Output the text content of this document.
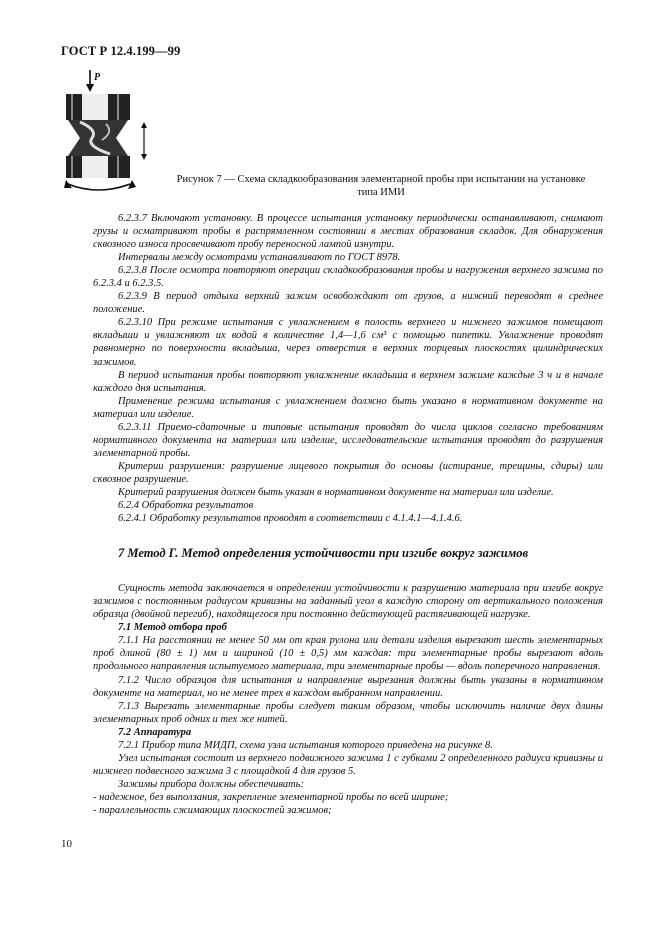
ГОСТ Р 12.4.199—99
P
Рисунок 7 — Схема складкообразования элементарной пробы при испытании на установке типа ИМИ

6.2.3.7 Включают установку. В процессе испытания установку периодически останавливают, снимают грузы и осматривают пробы в распрямленном состоянии в местах образования складок. Для обнаружения сквозного износа просвечивают пробу переносной лампой изнутри.

Интервалы между осмотрами устанавливают по ГОСТ 8978.

6.2.3.8 После осмотра повторяют операции складкообразования пробы и нагружения верхнего зажима по 6.2.3.4 и 6.2.3.5.

6.2.3.9 В период отдыха верхний зажим освобождают от грузов, а нижний переводят в среднее положение.

6.2.3.10 При режиме испытания с увлажнением в полость верхнего и нижнего зажимов помещают вкладыши и увлажняют их водой в количестве 1,4—1,6 см³ с помощью пипетки. Увлажнение проводят равномерно по поверхности вкладыша, через отверстия в верхних торцевых плоскостях цилиндрических зажимов.

В период испытания пробы повторяют увлажнение вкладыша в верхнем зажиме каждые 3 ч и в начале каждого дня испытания.

Применение режима испытания с увлажнением должно быть указано в нормативном документе на материал или изделие.

6.2.3.11 Приемо-сдаточные и типовые испытания проводят до числа циклов согласно требованиям нормативного документа на материал или изделие, исследовательские испытания проводят до разрушения элементарной пробы.

Критерии разрушения: разрушение лицевого покрытия до основы (истирание, трещины, сдиры) или сквозное разрушение.

Критерий разрушения должен быть указан в нормативном документе на материал или изделие.

6.2.4 Обработка результатов

6.2.4.1 Обработку результатов проводят в соответствии с 4.1.4.1—4.1.4.6.

7 Метод Г. Метод определения устойчивости при изгибе вокруг зажимов

Сущность метода заключается в определении устойчивости к разрушению материала при изгибе вокруг зажимов с постоянным радиусом кривизны на заданный угол в каждую сторону от вертикального положения образца (двойной перегиб), находящегося при постоянно действующей растягивающей нагрузке.

7.1 Метод отбора проб

7.1.1 На расстоянии не менее 50 мм от края рулона или детали изделия вырезают шесть элементарных проб длиной (80 ± 1) мм и шириной (10 ± 0,5) мм каждая: три элементарные пробы вырезают вдоль продольного направления испытуемого материала, три элементарные пробы — вдоль поперечного направления.

7.1.2 Число образцов для испытания и направление вырезания должны быть указаны в нормативном документе на материал, но не менее трех в каждом выбранном направлении.

7.1.3 Вырезать элементарные пробы следует таким образом, чтобы исключить наличие двух длины элементарных проб одних и тех же нитей.

7.2 Аппаратура

7.2.1 Прибор типа МИДП, схема узла испытания которого приведена на рисунке 8.

Узел испытания состоит из верхнего подвижного зажима 1 с губками 2 определенного радиуса кривизны и нижнего подвесного зажима 3 с площадкой 4 для грузов 5.

Зажимы прибора должны обеспечивать:

- надежное, без выползания, закрепление элементарной пробы по всей ширине;

- параллельность сжимающих плоскостей зажимов;

10
